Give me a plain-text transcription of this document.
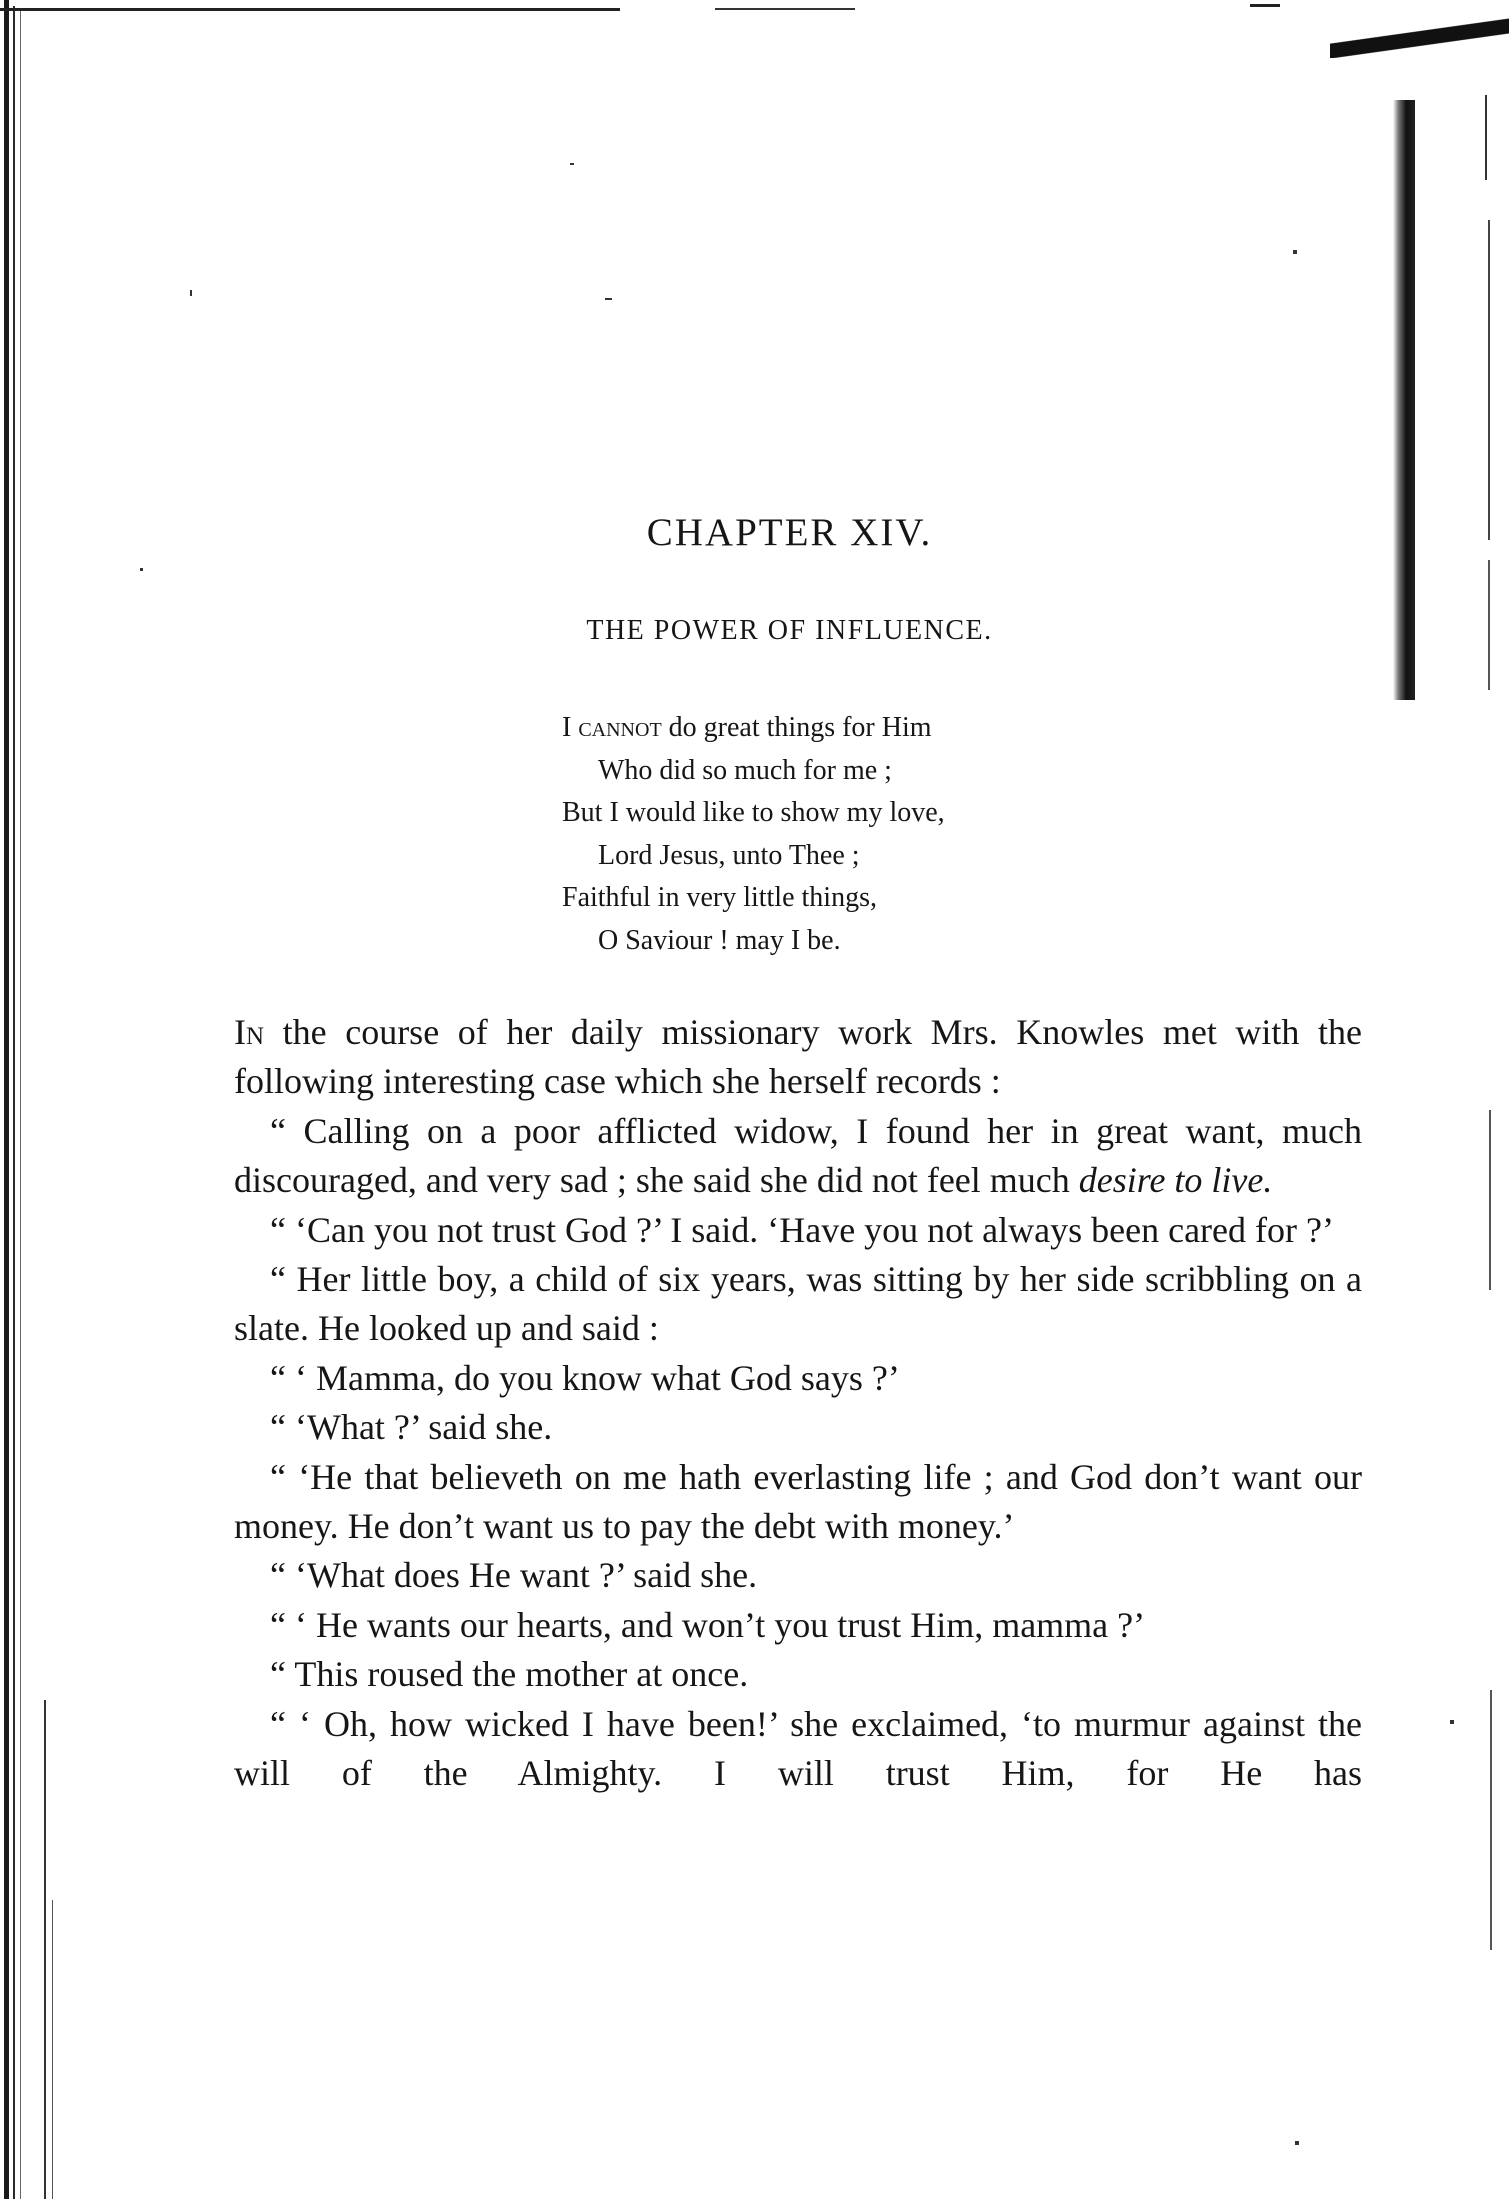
CHAPTER XIV.
THE POWER OF INFLUENCE.
I cannot do great things for Him
Who did so much for me ;
But I would like to show my love,
Lord Jesus, unto Thee ;
Faithful in very little things,
O Saviour ! may I be.

In the course of her daily missionary work Mrs. Knowles met with the following interesting case which she herself records :

“ Calling on a poor afflicted widow, I found her in great want, much discouraged, and very sad ; she said she did not feel much desire to live.

“ ‘Can you not trust God ?’ I said. ‘Have you not always been cared for ?’

“ Her little boy, a child of six years, was sitting by her side scribbling on a slate. He looked up and said :

“ ‘ Mamma, do you know what God says ?’

“ ‘What ?’ said she.

“ ‘He that believeth on me hath everlasting life ; and God don’t want our money. He don’t want us to pay the debt with money.’

“ ‘What does He want ?’ said she.

“ ‘ He wants our hearts, and won’t you trust Him, mamma ?’

“ This roused the mother at once.

“ ‘ Oh, how wicked I have been!’ she exclaimed, ‘to murmur against the will of the Almighty. I will trust Him, for He has
